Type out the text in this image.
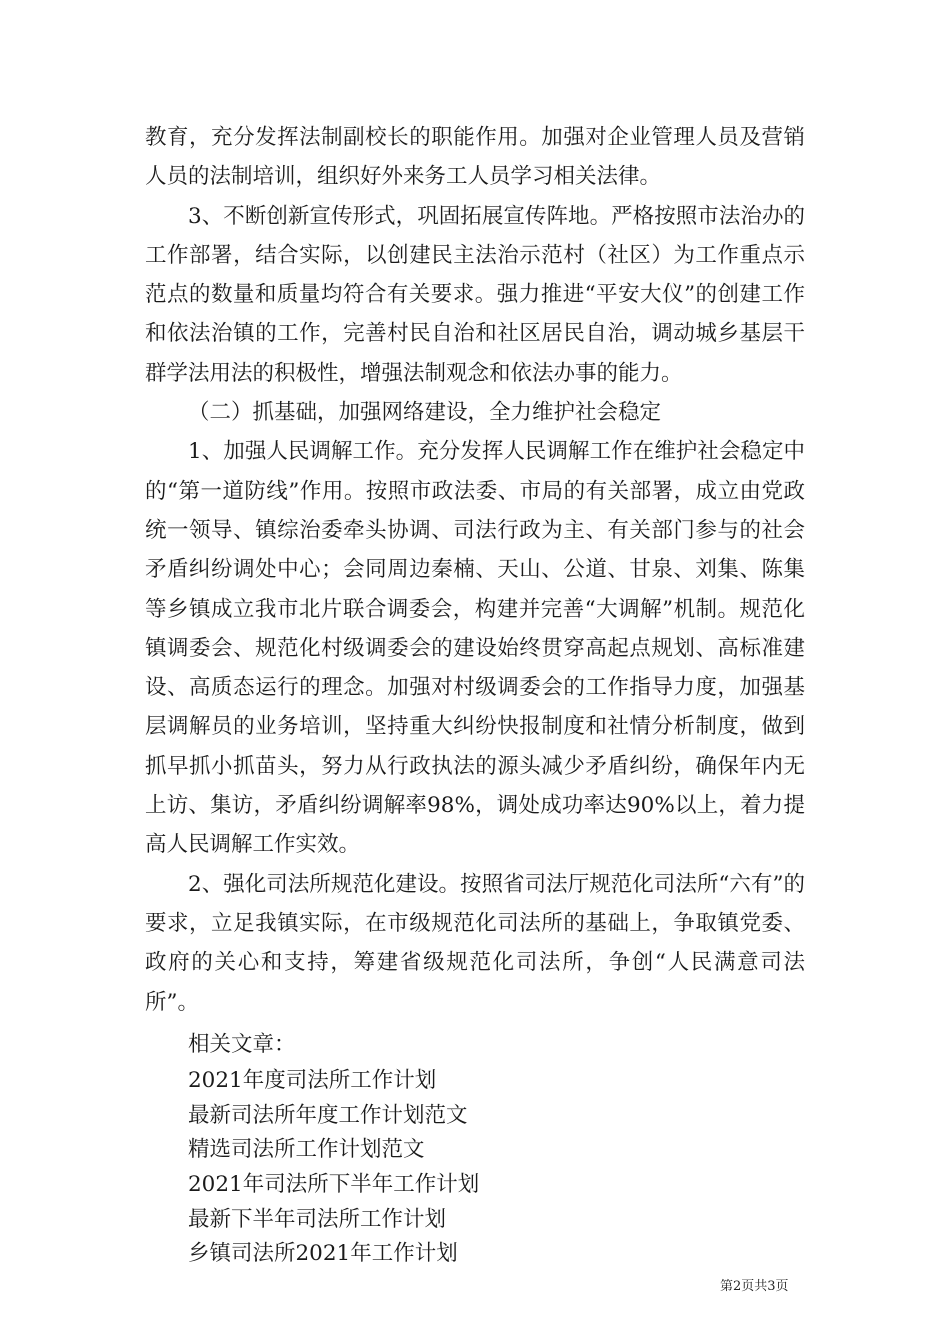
教育，充分发挥法制副校长的职能作用。加强对企业管理人员及营销人员的法制培训，组织好外来务工人员学习相关法律。

3、不断创新宣传形式，巩固拓展宣传阵地。严格按照市法治办的工作部署，结合实际，以创建民主法治示范村（社区）为工作重点示范点的数量和质量均符合有关要求。强力推进“平安大仪”的创建工作和依法治镇的工作，完善村民自治和社区居民自治，调动城乡基层干群学法用法的积极性，增强法制观念和依法办事的能力。

（二）抓基础，加强网络建设，全力维护社会稳定

1、加强人民调解工作。充分发挥人民调解工作在维护社会稳定中的“第一道防线”作用。按照市政法委、市局的有关部署，成立由党政统一领导、镇综治委牵头协调、司法行政为主、有关部门参与的社会矛盾纠纷调处中心；会同周边秦楠、天山、公道、甘泉、刘集、陈集等乡镇成立我市北片联合调委会，构建并完善“大调解”机制。规范化镇调委会、规范化村级调委会的建设始终贯穿高起点规划、高标准建设、高质态运行的理念。加强对村级调委会的工作指导力度，加强基层调解员的业务培训，坚持重大纠纷快报制度和社情分析制度，做到抓早抓小抓苗头，努力从行政执法的源头减少矛盾纠纷，确保年内无上访、集访，矛盾纠纷调解率98%，调处成功率达90%以上，着力提高人民调解工作实效。

2、强化司法所规范化建设。按照省司法厅规范化司法所“六有”的要求，立足我镇实际，在市级规范化司法所的基础上，争取镇党委、政府的关心和支持，筹建省级规范化司法所，争创“人民满意司法所”。

相关文章：

2021年度司法所工作计划
最新司法所年度工作计划范文
精选司法所工作计划范文
2021年司法所下半年工作计划
最新下半年司法所工作计划
乡镇司法所2021年工作计划
第2页共3页
